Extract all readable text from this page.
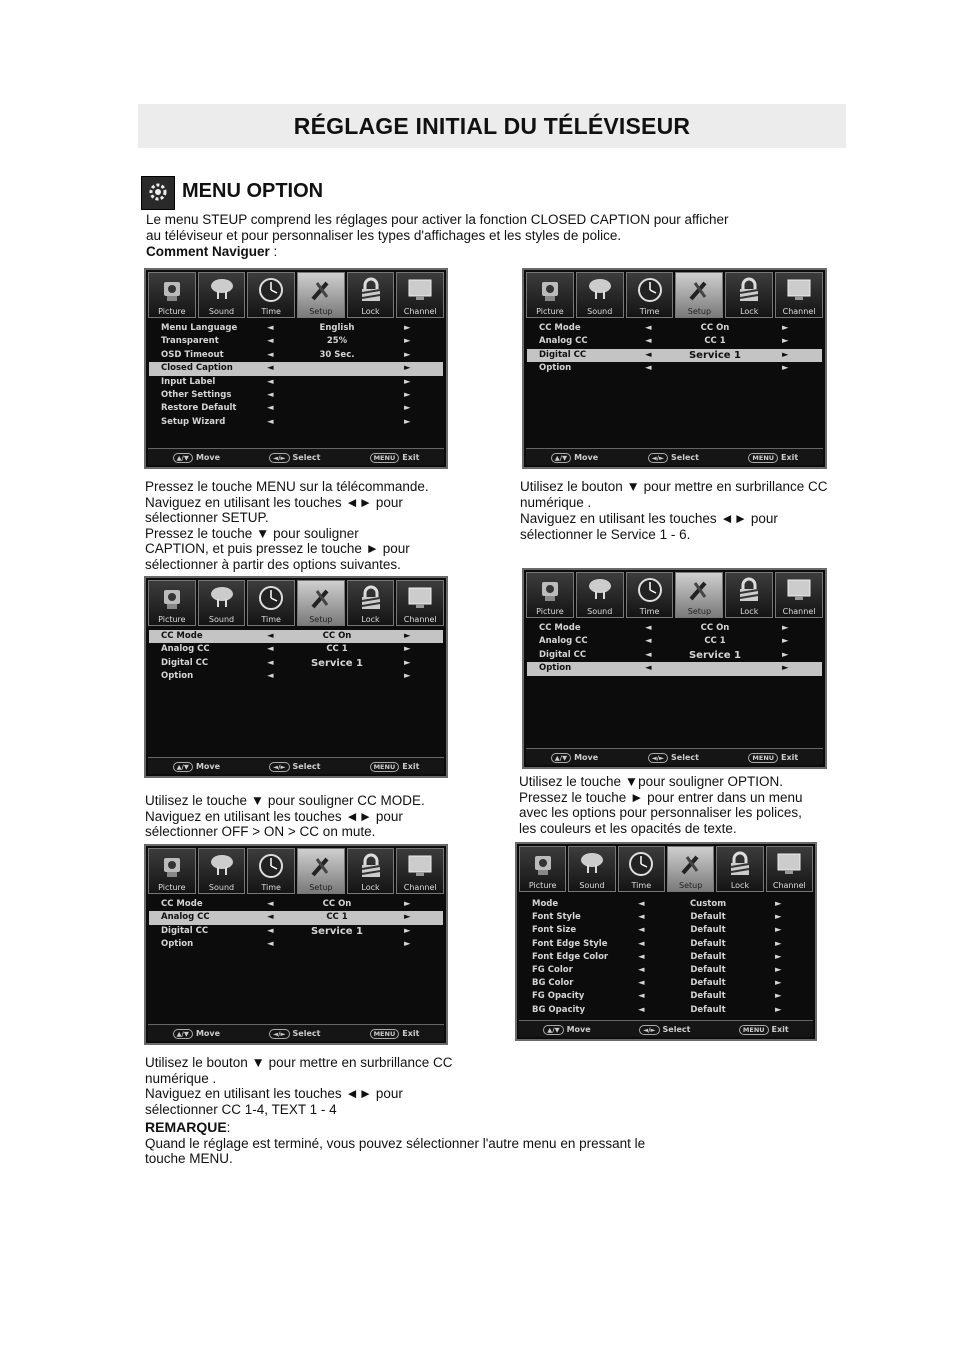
RÉGLAGE INITIAL DU TÉLÉVISEUR
MENU OPTION
Le menu STEUP comprend les réglages pour activer la fonction CLOSED CAPTION pour afficher
au téléviseur et pour personnaliser les types d'affichages et les styles de police.
Comment Naviguer :
Picture	Sound	Time	Setup	Lock	Channel
Menu Language	◄	English	►
Transparent	◄	25%	►
OSD Timeout	◄	30 Sec.	►
Closed Caption	◄	►
Input Label	◄	►
Other Settings	◄	►
Restore Default	◄	►
Setup Wizard	◄	►
▲/▼ Move	◄/► Select	MENU Exit
Picture	Sound	Time	Setup	Lock	Channel
CC Mode	◄	CC On	►
Analog CC	◄	CC 1	►
Digital CC	◄	Service 1	►
Option	◄	►
▲/▼ Move	◄/► Select	MENU Exit
Picture	Sound	Time	Setup	Lock	Channel
CC Mode	◄	CC On	►
Analog CC	◄	CC 1	►
Digital CC	◄	Service 1	►
Option	◄	►
▲/▼ Move	◄/► Select	MENU Exit
Picture	Sound	Time	Setup	Lock	Channel
CC Mode	◄	CC On	►
Analog CC	◄	CC 1	►
Digital CC	◄	Service 1	►
Option	◄	►
▲/▼ Move	◄/► Select	MENU Exit
Picture	Sound	Time	Setup	Lock	Channel
CC Mode	◄	CC On	►
Analog CC	◄	CC 1	►
Digital CC	◄	Service 1	►
Option	◄	►
▲/▼ Move	◄/► Select	MENU Exit
Picture	Sound	Time	Setup	Lock	Channel
Mode	◄	Custom	►
Font Style	◄	Default	►
Font Size	◄	Default	►
Font Edge Style	◄	Default	►
Font Edge Color	◄	Default	►
FG Color	◄	Default	►
BG Color	◄	Default	►
FG Opacity	◄	Default	►
BG Opacity	◄	Default	►
▲/▼ Move	◄/► Select	MENU Exit
Pressez le touche MENU sur la télécommande.
Naviguez en utilisant les touches ◄► pour
sélectionner SETUP.
Pressez le touche ▼ pour souligner
CAPTION, et puis pressez le touche ► pour
sélectionner à partir des options suivantes.
Utilisez le bouton ▼ pour mettre en surbrillance CC
numérique .
Naviguez en utilisant les touches ◄► pour
sélectionner le Service 1 - 6.
Utilisez le touche ▼ pour souligner CC MODE.
Naviguez en utilisant les touches ◄► pour
sélectionner OFF > ON > CC on mute.
Utilisez le touche ▼pour souligner OPTION.
Pressez le touche ► pour entrer dans un menu
avec les options pour personnaliser les polices,
les couleurs et les opacités de texte.
Utilisez le bouton ▼ pour mettre en surbrillance CC
numérique .
Naviguez en utilisant les touches ◄► pour
sélectionner CC 1-4, TEXT 1 - 4
REMARQUE:
Quand le réglage est terminé, vous pouvez sélectionner l'autre menu en pressant le
touche MENU.
